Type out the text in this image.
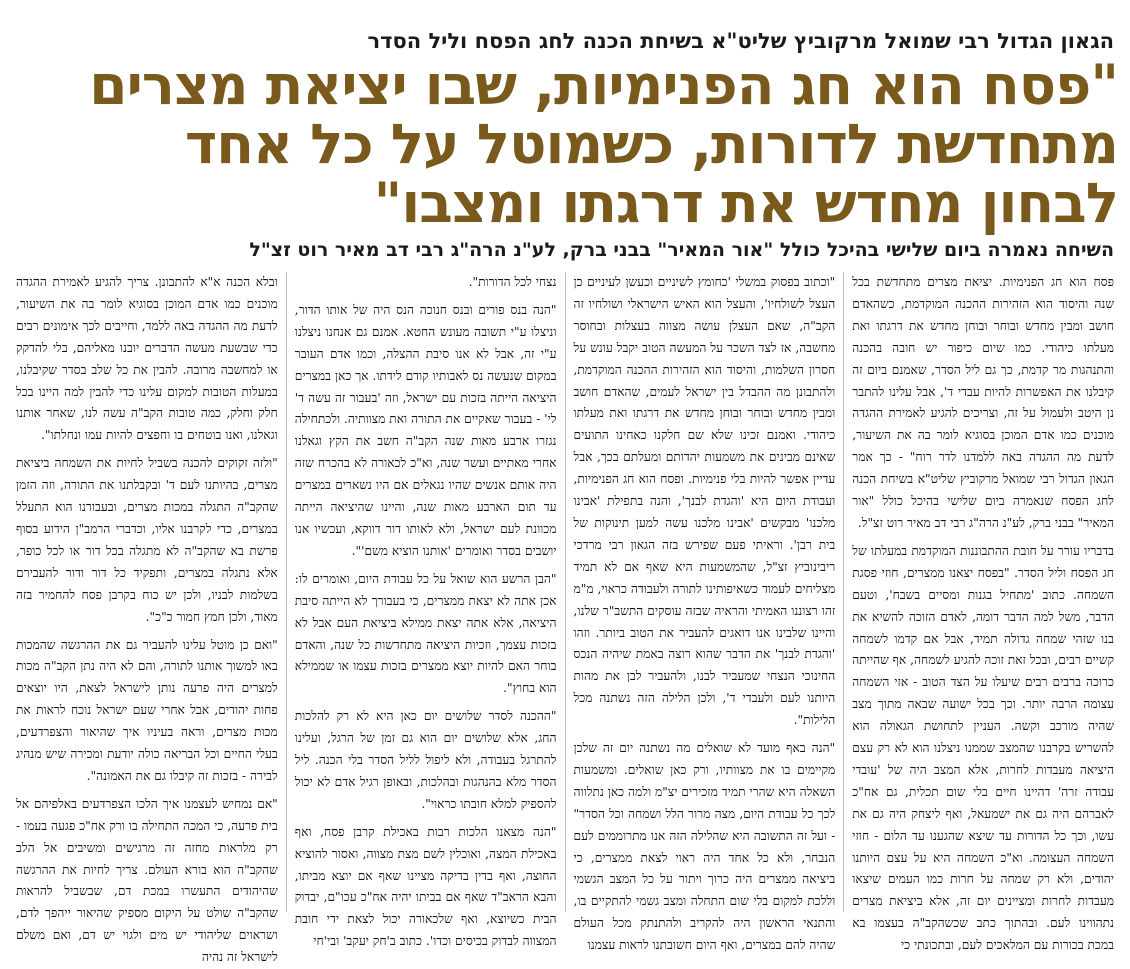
הגאון הגדול רבי שמואל מרקוביץ שליט"א בשיחת הכנה לחג הפסח וליל הסדר
"פסח הוא חג הפנימיות, שבו יציאת מצרים
מתחדשת לדורות, כשמוטל על כל אחד
לבחון מחדש את דרגתו ומצבו"
השיחה נאמרה ביום שלישי בהיכל כולל "אור המאיר" בבני ברק, לע"נ הרה"ג רבי דב מאיר רוט זצ"ל

פסח הוא חג הפנימיות. יציאת מצרים מתחדשת בכל שנה והיסוד הוא הזהירות ההכנה המוקדמת, כשהאדם חושב ומבין מחדש ובוחר ובוחן מחדש את דרגתו ואת מעלתו כיהודי. כמו שיום כיפור יש חובה בהכנה והתנהגות מר קדמת, כך גם ליל הסדר, שאמנם ביום זה קיבלנו את האפשרות להיות עבדי ד', אבל עלינו להתבר נן היטב ולעמול על זה, וצריכים להגיע לאמירת ההגדה מוכנים כמו אדם המוכן בסוגיא לומר בה את השיעור, לדעת מה ההגדה באה ללמדנו לדר רוח" - כך אמר הגאון הגדול רבי שמואל מרקוביץ שליט"א בשיחת הכנה לחג הפסח שנאמרה ביום שלישי בהיכל כולל "אור המאיר" בבני ברק, לע"נ הרה"ג רבי דב מאיר רוט זצ"ל.

בדבריו עורר על חובת ההתבוננות המוקדמת במעלתו של חג הפסח וליל הסדר. "בפסח יצאנו ממצרים, חוזי פסגת השמחה. כתוב 'מתחיל בגנות ומסיים בשבח', וטעם הדבר, משל למה הדבר דומה, לאדם הזוכה להשיא את בנו שזהי שמחה גדולה תמיד, אבל אם קדמו לשמחה קשיים רבים, ובכל זאת זוכה להגיע לשמחה, אף שהייתה כרוכה ברבים רבים שיעלו על הצד הטוב - אזי השמחה עצומה הרבה יותר. וכך בכל ישועה שבאה מתוך מצב שהיה מורכב וקשה. העניין לתחושת הגאולה הוא להשריש בקרבנו שהמצב שממנו ניצלנו הוא לא רק עצם היציאה מעבדות לחרות, אלא המצב היה של 'עובדי עבודה זרה' דהיינו חיים בלי שום תכלית, גם אח"כ לאברהם היה גם את ישמעאל, ואף ליצחק היה גם את עשו, וכך כל הדורות עד שיצא שהגענו עד הלום - חוזי השמחה העצומה. וא"כ השמחה היא על עצם היותנו יהודים, ולא רק שמחה על חרות כמו העמים שיצאו מעבדות לחרות ומציינים יום זה, אלא ביציאת מצרים נתהווינו לעם. ובהתוך כתב שכשהקב"ה בעצמו בא במכת בכורות עם המלאכים לעם, ובתכונתי כי

"וכתוב בפסוק במשלי 'כחומץ לשיניים וכעשן לעיניים כן העצל לשולחיו', והעצל הוא האיש הישראלי ושולחיו זה הקב"ה, שאם העצלן עושה מצווה בעצלות ובחוסר מחשבה, אז לצד השכר על המעשה הטוב יקבל עונש על חסרון השלמות, והיסוד הוא הזהירות ההכנה המוקדמת, ולהתבונן מה ההבדל בין ישראל לעמים, שהאדם חושב ומבין מחדש ובוחר ובוחן מחדש את דרגתו ואת מעלתו כיהודי. ואמנם זכינו שלא שם חלקנו כאחינו התועים שאינם מבינים את משמעות יהדותם ומעלתם בכך, אבל עדיין אפשר להיות בלי פנימיות. ופסח הוא חג הפנימיות, ועבודת היום היא 'והגדת לבנך', והנה בתפילת 'אבינו מלכנו' מבקשים 'אבינו מלכנו עשה למען תינוקות של בית רבן'. וראיתי פעם שפירש בזה הגאון רבי מרדכי ריבינוביץ זצ"ל, שהמשמעות היא שאף אם לא תמיד מצליחים לעמוד כשאיפותינו לתורה ולעבודה כראוי, מ"מ זהו רצוננו האמיתי והראיה שבזה עוסקים התשב"ר שלנו, והיינו שלבינו אנו דואגים להעביר את הטוב ביותר. וזהו 'והגדת לבנך' את הדבר שהוא רוצה באמת שיהיה הנכס החינוכי הנצחי שמעביר לבנו, ולהעביר לבן את מהות היותנו לעם ולעבדי ד', ולכן הלילה הזה נשתנה מכל הלילות".

"הנה באף מועד לא שואלים מה נשתנה יום זה שלכן מקיימים בו את מצוותיו, ורק כאן שואלים. ומשמעות השאלה היא שהרי תמיד מזכירים יצ"מ ולמה כאן נתלווה לכך כל עבודת היום, מצה מרור הלל ושמחה וכל הסדר" - ועל זה התשובה היא שהלילה הזה אנו מתרוממים לעם הנבחר, ולא כל אחד היה ראוי לצאת ממצרים, כי ביציאה ממצרים היה כרוך ויתור על כל המצב הגשמי וללכת למקום בלי שום התחלה ומצב גשמי להתקיים בו, והתנאי הראשון היה להקריב ולהתנתק מכל העולם שהיה להם במצרים, ואף היום חשובתנו לראות עצמנו

נצחי לכל הדורות".

"הנה בנס פורים ובנס חנוכה הנס היה של אותו הדור, וניצלו ע"י תשובה מעונש החטא. אמנם גם אנחנו ניצלנו ע"י זה, אבל לא אנו סיבת ההצלה, וכמו אדם העובר במקום שנעשה נס לאבותיו קודם לידתו. אך כאן במצרים היציאה הייתה בזכות עם ישראל, וזה 'בעבור זה עשה ד' לי' - בעבור שאקיים את התורה ואת מצוותיה. ולכתחילה נגזרו ארבע מאות שנה הקב"ה חשב את הקץ וגאלנו אחרי מאתיים ועשר שנה, וא"כ לכאורה לא בהכרח שזה היה אותם אנשים שהיו נגאלים אם היו נשארים במצרים עד תום הארבע מאות שנה, והיינו שהיציאה הייתה מכוונת לעם ישראל, ולא לאותו דור דווקא, ועכשיו אנו יושבים בסדר ואומרים 'אותנו הוציא משם'".

"הבן הרשע הוא שואל על כל עבודת היום, ואומרים לו: אכן אתה לא יצאת ממצרים, כי בעבורך לא הייתה סיבת היציאה, אלא אתה יצאת ממילא ביציאת העם אבל לא בזכות עצמך, וזכיות היציאה מתחדשות כל שנה, והאדם בוחר האם להיות יוצא ממצרים בזכות עצמו או שממילא הוא בחוץ".

"ההכנה לסדר שלושים יום כאן היא לא רק להלכות החג, אלא שלושים יום הוא גם זמן של הרגל, ועלינו להתרגל בעבודה, ולא ליפול לליל הסדר בלי הכנה. ליל הסדר מלא בהנהגות ובהלכות, ובאופן רגיל אדם לא יכול להספיק למלא חובתו כראוי".

"הנה מצאנו הלכות רבות באכילת קרבן פסח, ואף באכילת המצה, ואוכלין לשם מצת מצווה, ואסור להוציא החוצה, ואף בדין בדיקה מציינו שאף אם יוצא מביתו, והבא הראב"ד שאף אם בביתו יהיה אח"כ עכו"ם, יבדוק הבית כשיוצא, ואף שלכאורה יכול לצאת ידי חובת המצווה לבדוק בכיסים וכדו'. כתוב ב'חק יעקב' ובי'חי

ובלא הכנה א"א להתבונן. צריך להגיע לאמירת ההגדה מוכנים כמו אדם המוכן בסוגיא לומר בה את השיעור, לדעת מה ההגדה באה ללמד, וחייבים לכך אימונים רבים כדי שבשעת מעשה הדברים יובנו מאליהם, בלי להדקק או למחשבה מרובה. להבין את כל שלב בסדר שקיבלנו, במעלות הטובות למקום עלינו כדי להבין למה היינו בכל חלק וחלק, כמה טובות הקב"ה עשה לנו, שאחר אותנו וגאלנו, ואנו בוטחים בו וחפצים להיות עמו ונחלתו".

"ולזה זקוקים להכנה בשביל לחיות את השמחה ביציאת מצרים, בהיותנו לעם ד' ובקבלתנו את התורה, וזה הזמן שהקב"ה התגלה במכות מצרים, ובעבורנו הוא התעלל במצרים, כדי לקרבנו אליו, וכדברי הרמב"ן הידוע בסוף פרשת בא שהקב"ה לא מתגלה בכל דור או לכל כופר, אלא נתגלה במצרים, ותפקיד כל דור ודור להעבירם בשלמות לבניו, ולכן יש כוח בקרבן פסח להחמיר בזה מאוד, ולכן חמץ חמור כ"כ".

"ואם כן מוטל עלינו להעביר גם את ההרגשה שהמכות באו למשוך אותנו לתורה, והם לא היה נתן הקב"ה מכות למצרים היה פרעה נותן לישראל לצאת, היו יוצאים פחות יהודים, אבל אחרי שעם ישראל נוכח לראות את מכות מצרים, וראה בעיניו איך שהיאור והצפרדעים, בעלי החיים וכל הבריאה כולה יודעת ומכירה שיש מנהיג לבירה - בזכות זה קיבלו גם את האמונה".

"אם נמחיש לעצמנו איך הלכו הצפרדעים באלפיהם אל בית פרעה, כי המכה התחילה בו ורק אח"כ פגעה בעמו - רק מלראות מחזה זה מרגישים ומשיבים אל הלב שהקב"ה הוא בורא העולם. צריך לחיות את ההרגשה שהיהודים התעשרו במכת דם, שבשביל להראות שהקב"ה שולט על היקום מספיק שהיאור ייהפך לדם, ושראוים שליהודי יש מים ולגוי יש דם, ואם משלם לישראל זה נהיה
